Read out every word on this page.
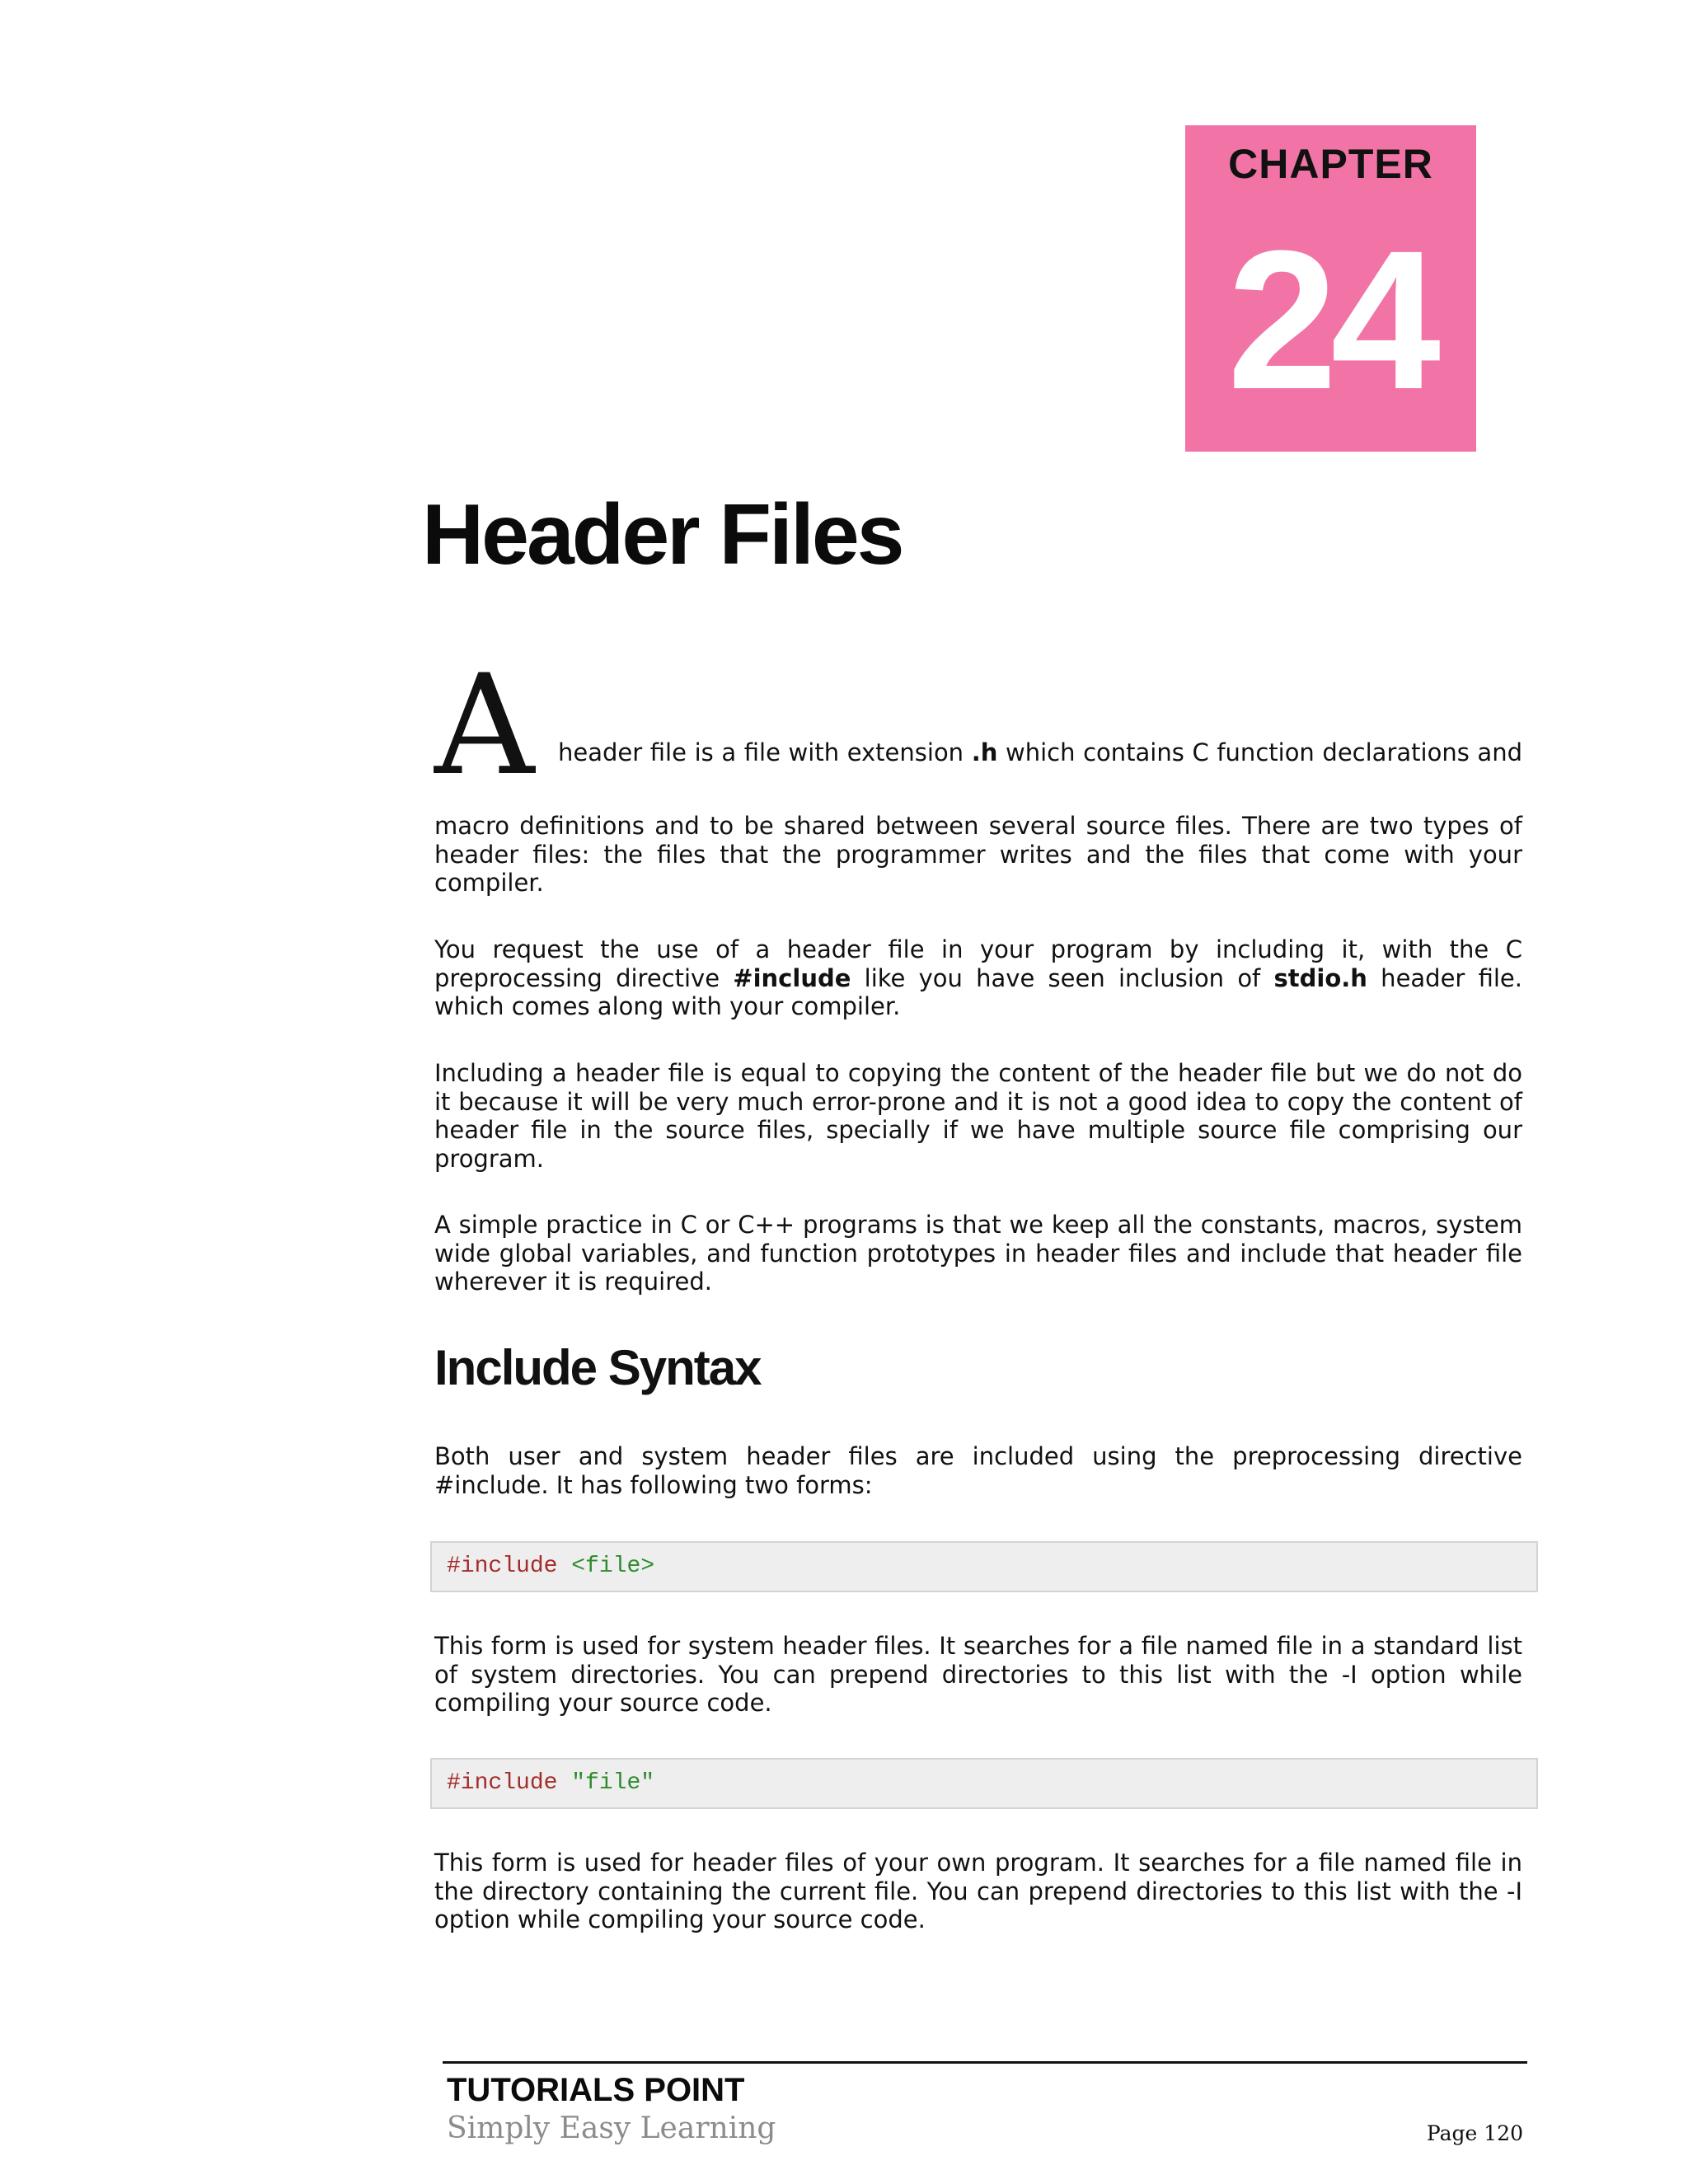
CHAPTER
24
Header Files
A header file is a file with extension .h which contains C function declarations and

macro definitions and to be shared between several source files. There are two types of header files: the files that the programmer writes and the files that come with your compiler.

You request the use of a header file in your program by including it, with the C preprocessing directive #include like you have seen inclusion of stdio.h header file. which comes along with your compiler.

Including a header file is equal to copying the content of the header file but we do not do it because it will be very much error-prone and it is not a good idea to copy the content of header file in the source files, specially if we have multiple source file comprising our program.

A simple practice in C or C++ programs is that we keep all the constants, macros, system wide global variables, and function prototypes in header files and include that header file wherever it is required.

Include Syntax

Both user and system header files are included using the preprocessing directive #include. It has following two forms:

This form is used for system header files. It searches for a file named file in a standard list of system directories. You can prepend directories to this list with the -I option while compiling your source code.

This form is used for header files of your own program. It searches for a file named file in the directory containing the current file. You can prepend directories to this list with the -I option while compiling your source code.

#include <file>
#include "file"
TUTORIALS POINT
Simply Easy Learning	Page 120
